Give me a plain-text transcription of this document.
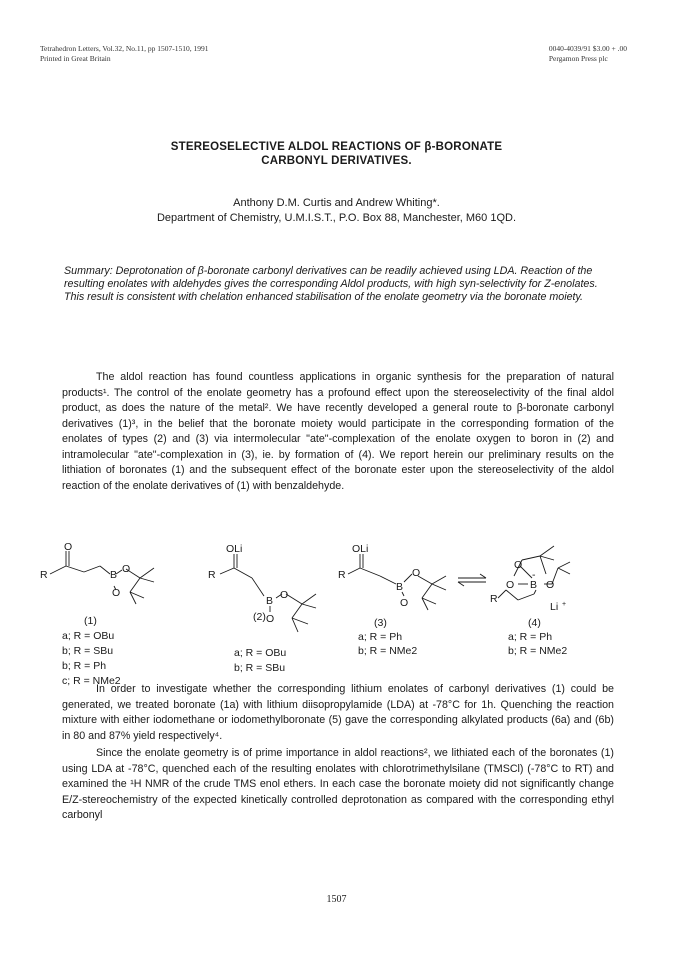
Tetrahedron Letters, Vol.32, No.11, pp 1507-1510, 1991
Printed in Great Britain
0040-4039/91 $3.00 + .00
Pergamon Press plc
STEREOSELECTIVE ALDOL REACTIONS OF β-BORONATE
CARBONYL DERIVATIVES.
Anthony D.M. Curtis and Andrew Whiting*.
Department of Chemistry, U.M.I.S.T., P.O. Box 88, Manchester, M60 1QD.
Summary: Deprotonation of β-boronate carbonyl derivatives can be readily achieved using LDA. Reaction of the resulting enolates with aldehydes gives the corresponding Aldol products, with high syn-selectivity for Z-enolates. This result is consistent with chelation enhanced stabilisation of the enolate geometry via the boronate moiety.
The aldol reaction has found countless applications in organic synthesis for the preparation of natural products¹. The control of the enolate geometry has a profound effect upon the stereoselectivity of the final aldol product, as does the nature of the metal². We have recently developed a general route to β-boronate carbonyl derivatives (1)³, in the belief that the boronate moiety would participate in the corresponding formation of the enolates of types (2) and (3) via intermolecular "ate"-complexation of the enolate oxygen to boron in (2) and intramolecular "ate"-complexation in (3), ie. by formation of (4). We report herein our preliminary results on the lithiation of boronates (1) and the subsequent effect of the boronate ester upon the stereoselectivity of the aldol reaction of the enolate derivatives of (1) with benzaldehyde.
O
R	B O
O
OLi
R
B O
O
OLi
R
B
O
O
O
O B O
-
R
Li +
(1)
a; R = OBu
b; R = SBu
b; R = Ph
c; R = NMe2
(2)
a; R = OBu
b; R = SBu
(3)
a; R = Ph
b; R = NMe2
(4)
a; R = Ph
b; R = NMe2
In order to investigate whether the corresponding lithium enolates of carbonyl derivatives (1) could be generated, we treated boronate (1a) with lithium diisopropylamide (LDA) at -78°C for 1h. Quenching the reaction mixture with either iodomethane or iodomethylboronate (5) gave the corresponding alkylated products (6a) and (6b) in 80 and 87% yield respectively⁴.
Since the enolate geometry is of prime importance in aldol reactions², we lithiated each of the boronates (1) using LDA at -78°C, quenched each of the resulting enolates with chlorotrimethylsilane (TMSCl) (-78°C to RT) and examined the ¹H NMR of the crude TMS enol ethers. In each case the boronate moiety did not significantly change E/Z-stereochemistry of the expected kinetically controlled deprotonation as compared with the corresponding ethyl carbonyl
1507
